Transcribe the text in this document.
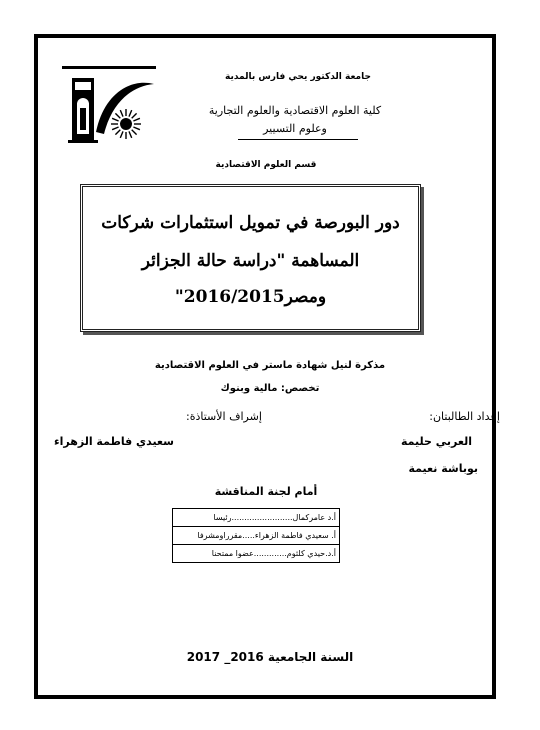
جامعة الدكتور يحي فارس بالمدية
كلية العلوم الاقتصادية والعلوم التجارية
وعلوم التسيير
قسم العلوم الاقتصادية
دور البورصة في تمويل استثمارات شركات
المساهمة "دراسة حالة الجزائر
ومصر2016/2015"
مذكرة لنيل شهادة ماستر في العلوم الاقتصادية
تخصص: مالية وبنوك
إعداد الطالبتان:
العربي حليمة
بوباشة نعيمة
إشراف الأستاذة:
سعيدي فاطمة الزهراء
أمام لجنة المناقشة
أ.د عامركمال........................رئيسا
أ. سعيدي فاطمة الزهراء.....مقرراومشرفا
أ.د.حيدي كلثوم.............عضوا ممتحنا
السنة الجامعية 2016_ 2017
